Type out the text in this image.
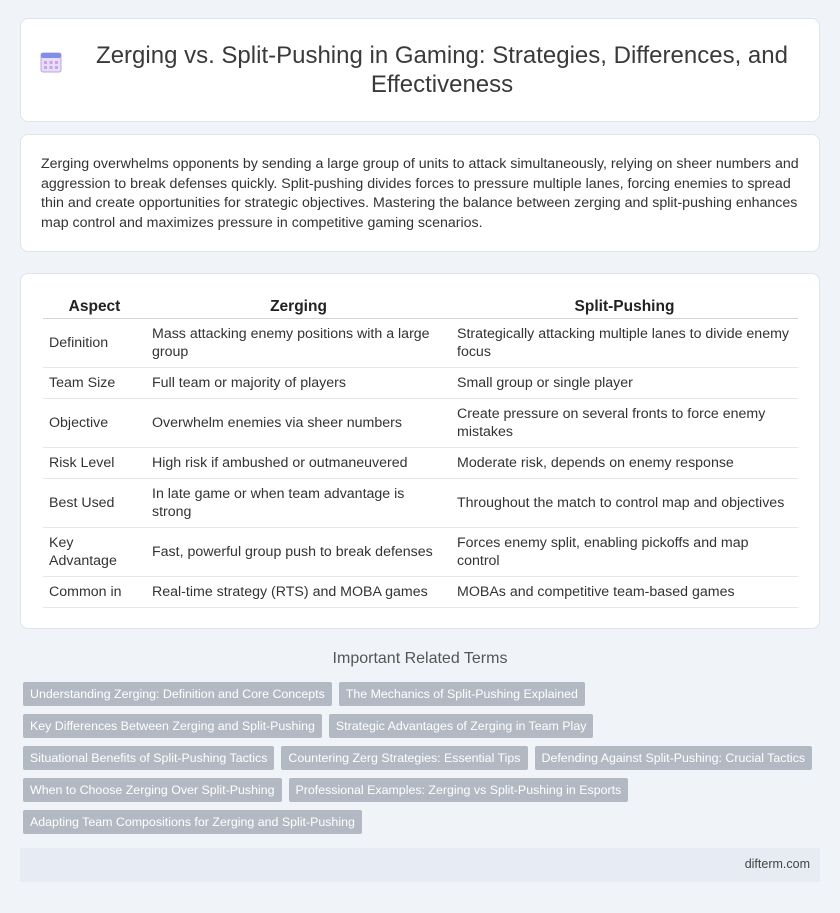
Zerging vs. Split-Pushing in Gaming: Strategies, Differences, and Effectiveness

Zerging overwhelms opponents by sending a large group of units to attack simultaneously, relying on sheer numbers and aggression to break defenses quickly. Split-pushing divides forces to pressure multiple lanes, forcing enemies to spread thin and create opportunities for strategic objectives. Mastering the balance between zerging and split-pushing enhances map control and maximizes pressure in competitive gaming scenarios.

Aspect	Zerging	Split-Pushing
Definition	Mass attacking enemy positions with a large group	Strategically attacking multiple lanes to divide enemy focus
Team Size	Full team or majority of players	Small group or single player
Objective	Overwhelm enemies via sheer numbers	Create pressure on several fronts to force enemy mistakes
Risk Level	High risk if ambushed or outmaneuvered	Moderate risk, depends on enemy response
Best Used	In late game or when team advantage is strong	Throughout the match to control map and objectives
Key Advantage	Fast, powerful group push to break defenses	Forces enemy split, enabling pickoffs and map control
Common in	Real-time strategy (RTS) and MOBA games	MOBAs and competitive team-based games
Important Related Terms
Understanding Zerging: Definition and Core Concepts	The Mechanics of Split-Pushing Explained
Key Differences Between Zerging and Split-Pushing	Strategic Advantages of Zerging in Team Play
Situational Benefits of Split-Pushing Tactics	Countering Zerg Strategies: Essential Tips	Defending Against Split-Pushing: Crucial Tactics
When to Choose Zerging Over Split-Pushing	Professional Examples: Zerging vs Split-Pushing in Esports
Adapting Team Compositions for Zerging and Split-Pushing
difterm.com
